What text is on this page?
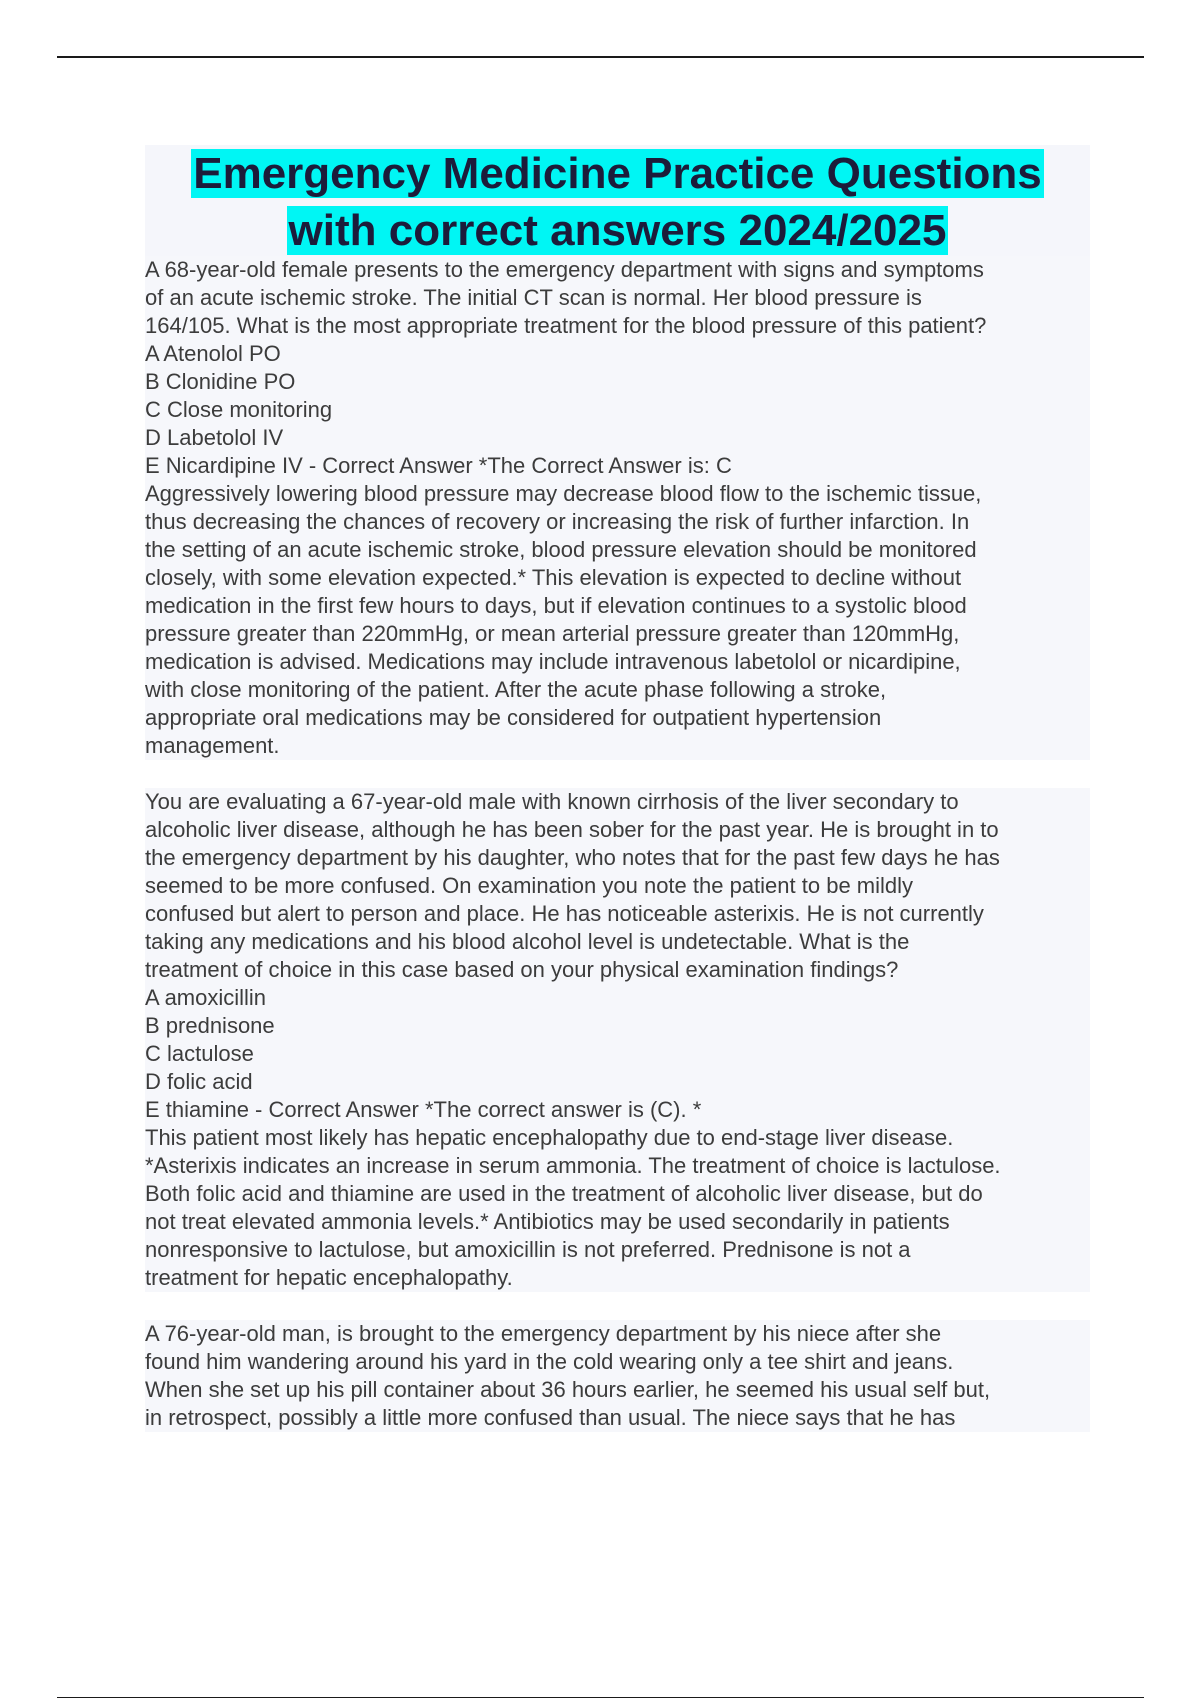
Emergency Medicine Practice Questions
with correct answers 2024/2025
A 68-year-old female presents to the emergency department with signs and symptoms
of an acute ischemic stroke. The initial CT scan is normal. Her blood pressure is
164/105. What is the most appropriate treatment for the blood pressure of this patient?
A Atenolol PO
B Clonidine PO
C Close monitoring
D Labetolol IV
E Nicardipine IV - Correct Answer *The Correct Answer is: C
Aggressively lowering blood pressure may decrease blood flow to the ischemic tissue,
thus decreasing the chances of recovery or increasing the risk of further infarction. In
the setting of an acute ischemic stroke, blood pressure elevation should be monitored
closely, with some elevation expected.* This elevation is expected to decline without
medication in the first few hours to days, but if elevation continues to a systolic blood
pressure greater than 220mmHg, or mean arterial pressure greater than 120mmHg,
medication is advised. Medications may include intravenous labetolol or nicardipine,
with close monitoring of the patient. After the acute phase following a stroke,
appropriate oral medications may be considered for outpatient hypertension
management.
You are evaluating a 67-year-old male with known cirrhosis of the liver secondary to
alcoholic liver disease, although he has been sober for the past year. He is brought in to
the emergency department by his daughter, who notes that for the past few days he has
seemed to be more confused. On examination you note the patient to be mildly
confused but alert to person and place. He has noticeable asterixis. He is not currently
taking any medications and his blood alcohol level is undetectable. What is the
treatment of choice in this case based on your physical examination findings?
A amoxicillin
B prednisone
C lactulose
D folic acid
E thiamine - Correct Answer *The correct answer is (C). *
This patient most likely has hepatic encephalopathy due to end-stage liver disease.
*Asterixis indicates an increase in serum ammonia. The treatment of choice is lactulose.
Both folic acid and thiamine are used in the treatment of alcoholic liver disease, but do
not treat elevated ammonia levels.* Antibiotics may be used secondarily in patients
nonresponsive to lactulose, but amoxicillin is not preferred. Prednisone is not a
treatment for hepatic encephalopathy.
A 76-year-old man, is brought to the emergency department by his niece after she
found him wandering around his yard in the cold wearing only a tee shirt and jeans.
When she set up his pill container about 36 hours earlier, he seemed his usual self but,
in retrospect, possibly a little more confused than usual. The niece says that he has
